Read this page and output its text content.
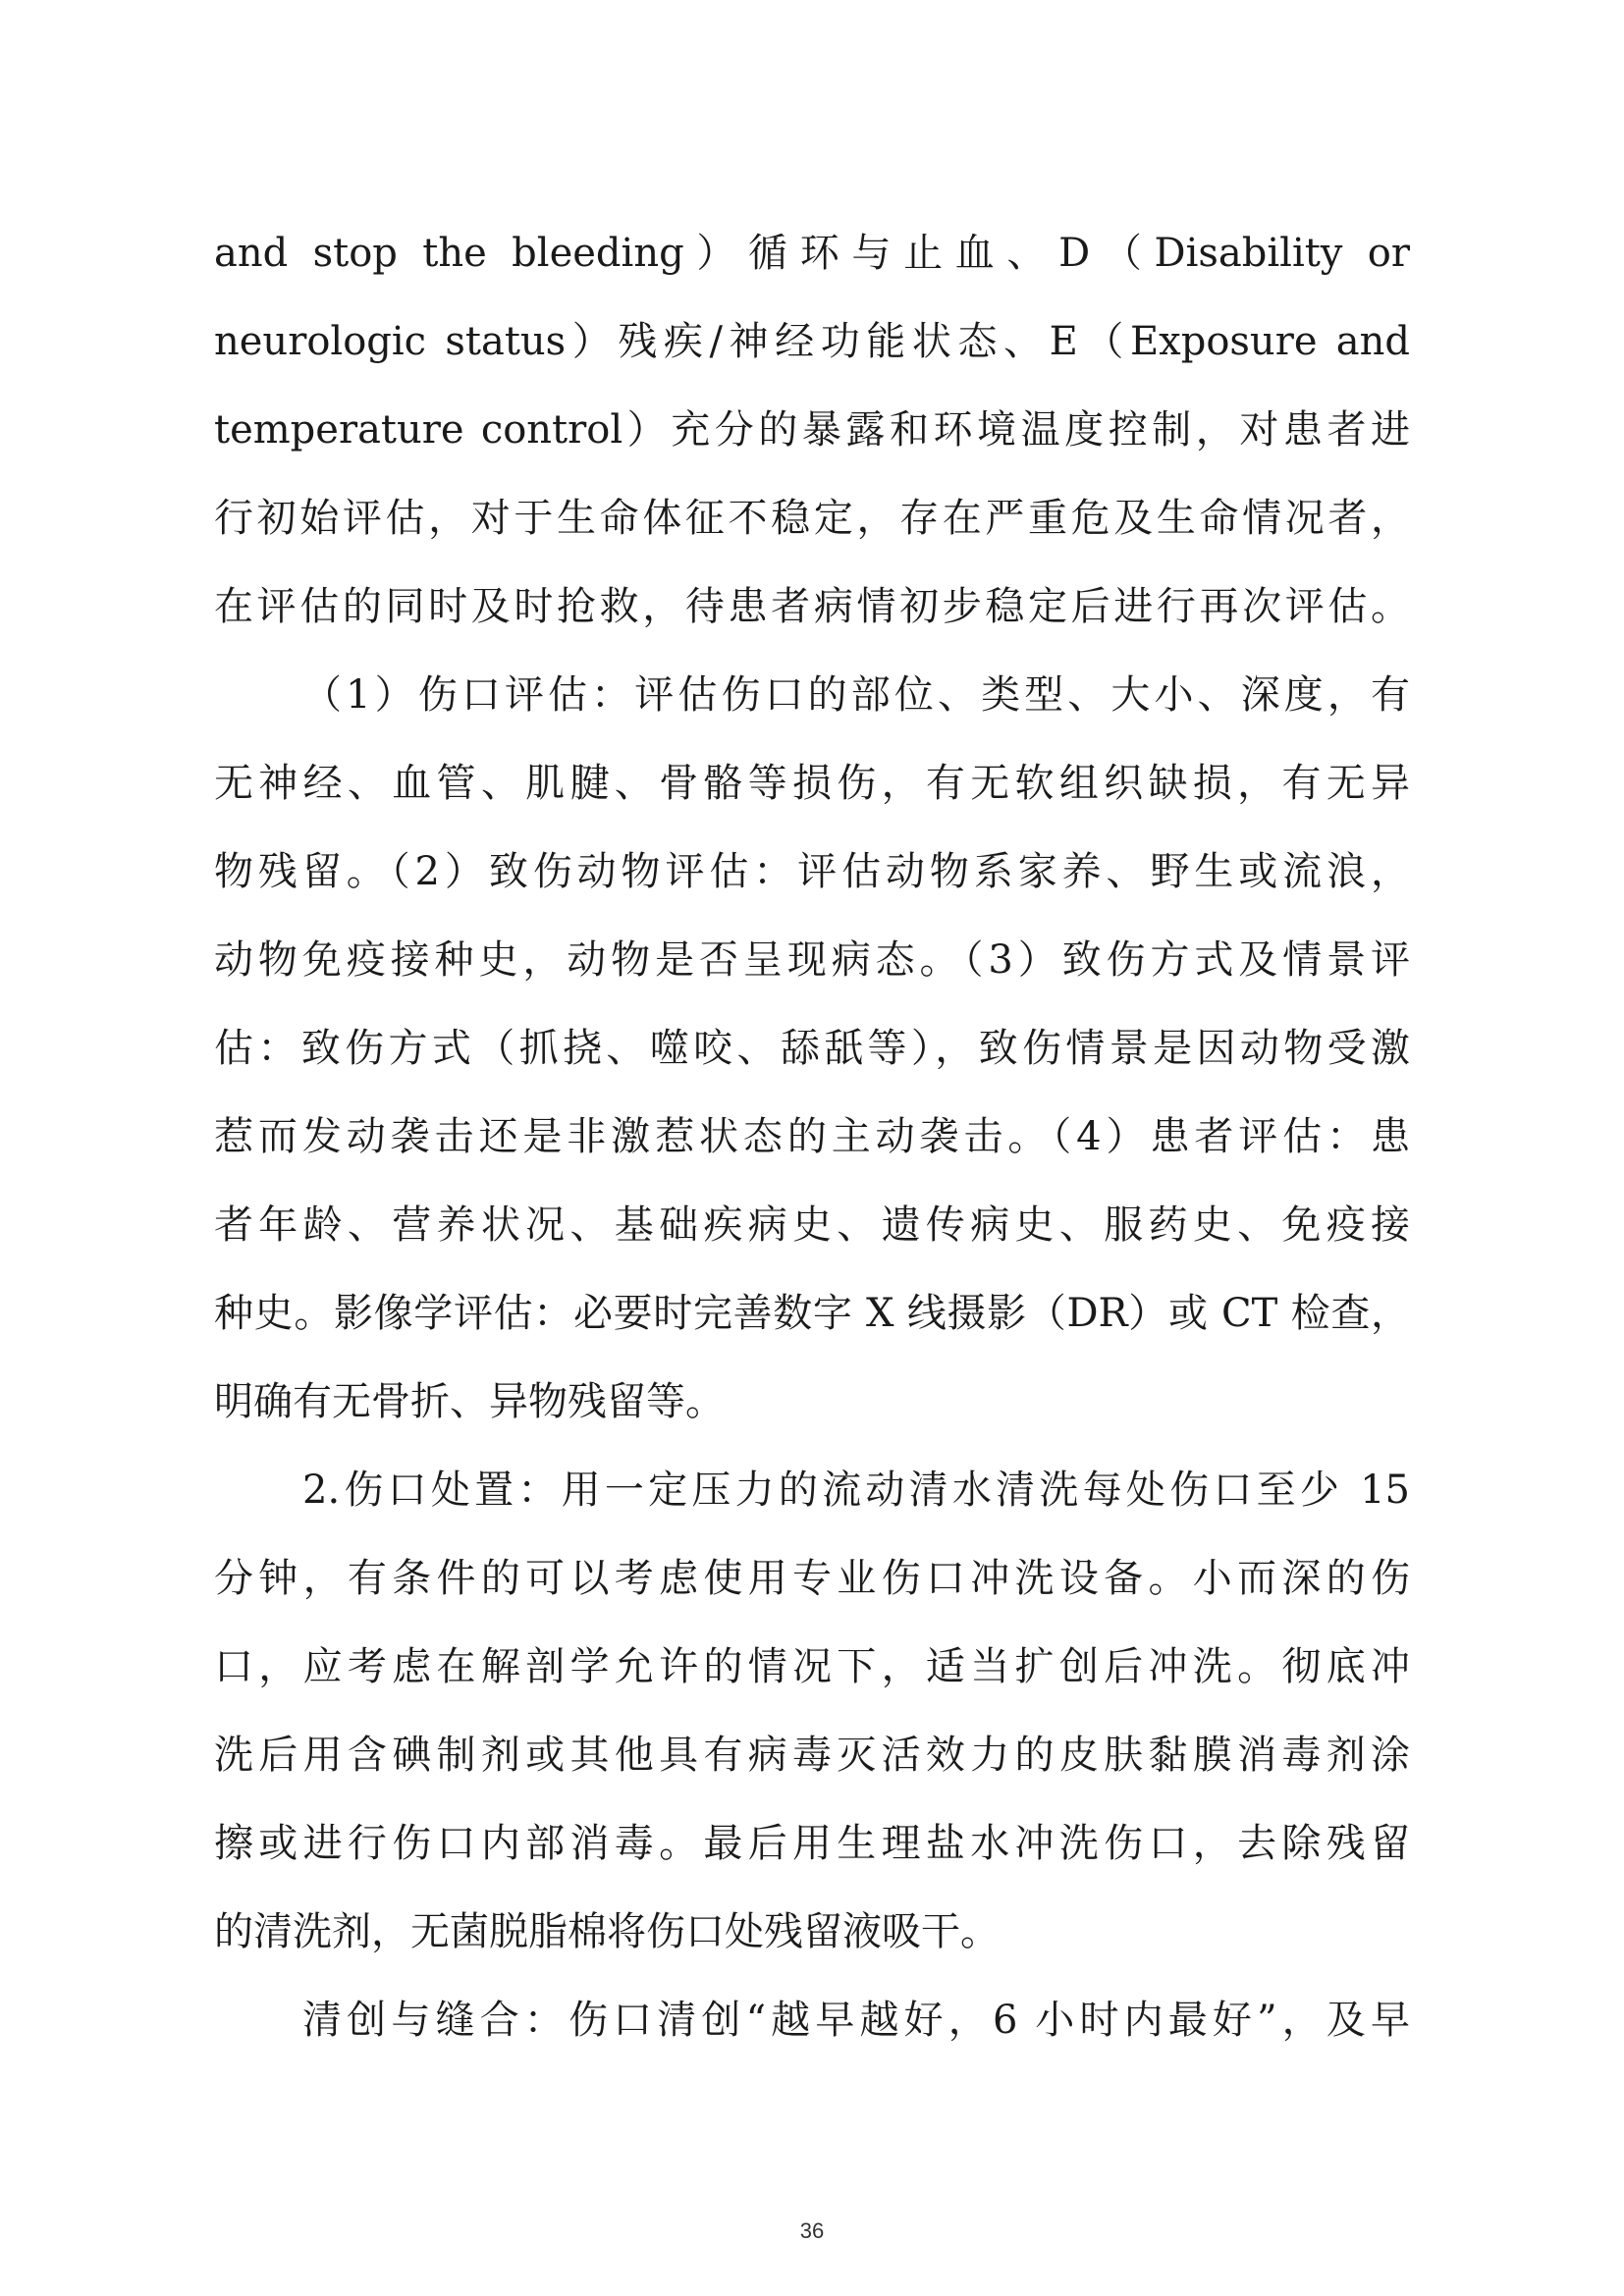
and stop the bleeding）循环与止血、D（Disability or
neurologic status）残疾/神经功能状态、E（Exposure and
temperature control）充分的暴露和环境温度控制，对患者进
行初始评估，对于生命体征不稳定，存在严重危及生命情况者，
在评估的同时及时抢救，待患者病情初步稳定后进行再次评估。
（1）伤口评估：评估伤口的部位、类型、大小、深度，有
无神经、血管、肌腱、骨骼等损伤，有无软组织缺损，有无异
物残留。（2）致伤动物评估：评估动物系家养、野生或流浪，
动物免疫接种史，动物是否呈现病态。（3）致伤方式及情景评
估：致伤方式（抓挠、噬咬、舔舐等），致伤情景是因动物受激
惹而发动袭击还是非激惹状态的主动袭击。（4）患者评估：患
者年龄、营养状况、基础疾病史、遗传病史、服药史、免疫接
种史。影像学评估：必要时完善数字 X 线摄影（DR）或 CT 检查，
明确有无骨折、异物残留等。
2.伤口处置：用一定压力的流动清水清洗每处伤口至少 15
分钟，有条件的可以考虑使用专业伤口冲洗设备。小而深的伤
口，应考虑在解剖学允许的情况下，适当扩创后冲洗。彻底冲
洗后用含碘制剂或其他具有病毒灭活效力的皮肤黏膜消毒剂涂
擦或进行伤口内部消毒。最后用生理盐水冲洗伤口，去除残留
的清洗剂，无菌脱脂棉将伤口处残留液吸干。
清创与缝合：伤口清创“越早越好，6 小时内最好”，及早
36
